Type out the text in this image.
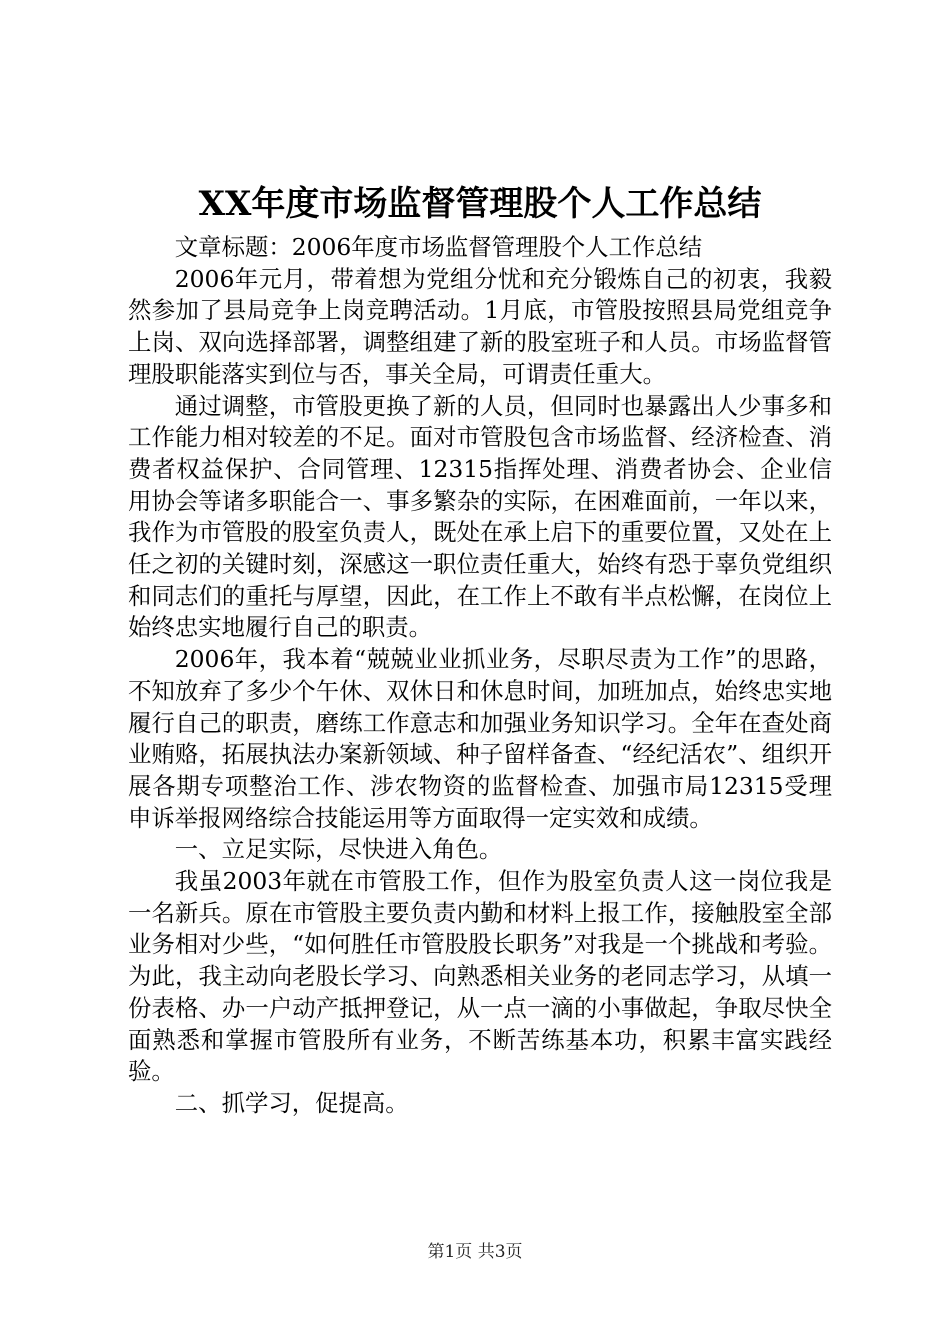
XX年度市场监督管理股个人工作总结

文章标题：2006年度市场监督管理股个人工作总结

2006年元月，带着想为党组分忧和充分锻炼自己的初衷，我毅然参加了县局竞争上岗竞聘活动。1月底，市管股按照县局党组竞争上岗、双向选择部署，调整组建了新的股室班子和人员。市场监督管理股职能落实到位与否，事关全局，可谓责任重大。

通过调整，市管股更换了新的人员，但同时也暴露出人少事多和工作能力相对较差的不足。面对市管股包含市场监督、经济检查、消费者权益保护、合同管理、12315指挥处理、消费者协会、企业信用协会等诸多职能合一、事多繁杂的实际，在困难面前，一年以来，我作为市管股的股室负责人，既处在承上启下的重要位置，又处在上任之初的关键时刻，深感这一职位责任重大，始终有恐于辜负党组织和同志们的重托与厚望，因此，在工作上不敢有半点松懈，在岗位上始终忠实地履行自己的职责。

2006年，我本着“兢兢业业抓业务，尽职尽责为工作”的思路，不知放弃了多少个午休、双休日和休息时间，加班加点，始终忠实地履行自己的职责，磨练工作意志和加强业务知识学习。全年在查处商业贿赂，拓展执法办案新领域、种子留样备查、“经纪活农”、组织开展各期专项整治工作、涉农物资的监督检查、加强市局12315受理申诉举报网络综合技能运用等方面取得一定实效和成绩。

一、立足实际，尽快进入角色。

我虽2003年就在市管股工作，但作为股室负责人这一岗位我是一名新兵。原在市管股主要负责内勤和材料上报工作，接触股室全部业务相对少些，“如何胜任市管股股长职务”对我是一个挑战和考验。为此，我主动向老股长学习、向熟悉相关业务的老同志学习，从填一份表格、办一户动产抵押登记，从一点一滴的小事做起，争取尽快全面熟悉和掌握市管股所有业务，不断苦练基本功，积累丰富实践经验。

二、抓学习，促提高。

第1页 共3页
